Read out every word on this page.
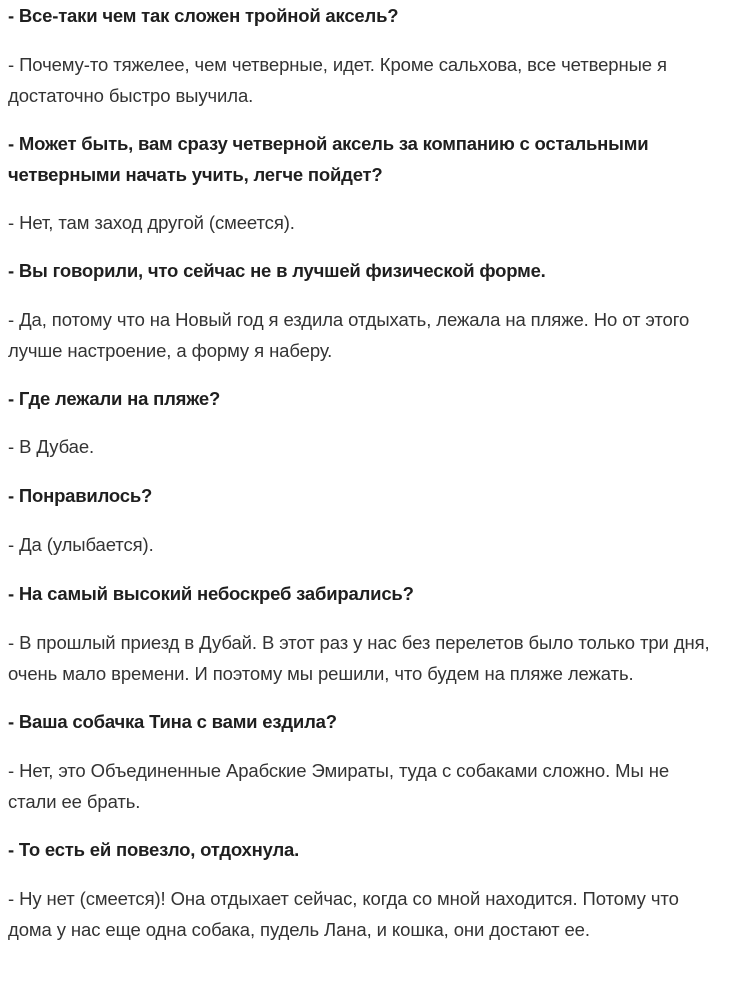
- Все-таки чем так сложен тройной аксель?

- Почему-то тяжелее, чем четверные, идет. Кроме сальхова, все четверные я достаточно быстро выучила.

- Может быть, вам сразу четверной аксель за компанию с остальными четверными начать учить, легче пойдет?

- Нет, там заход другой (смеется).

- Вы говорили, что сейчас не в лучшей физической форме.

- Да, потому что на Новый год я ездила отдыхать, лежала на пляже. Но от этого лучше настроение, а форму я наберу.

- Где лежали на пляже?

- В Дубае.

- Понравилось?

- Да (улыбается).

- На самый высокий небоскреб забирались?

- В прошлый приезд в Дубай. В этот раз у нас без перелетов было только три дня, очень мало времени. И поэтому мы решили, что будем на пляже лежать.

- Ваша собачка Тина с вами ездила?

- Нет, это Объединенные Арабские Эмираты, туда с собаками сложно. Мы не стали ее брать.

- То есть ей повезло, отдохнула.

- Ну нет (смеется)! Она отдыхает сейчас, когда со мной находится. Потому что дома у нас еще одна собака, пудель Лана, и кошка, они достают ее.
